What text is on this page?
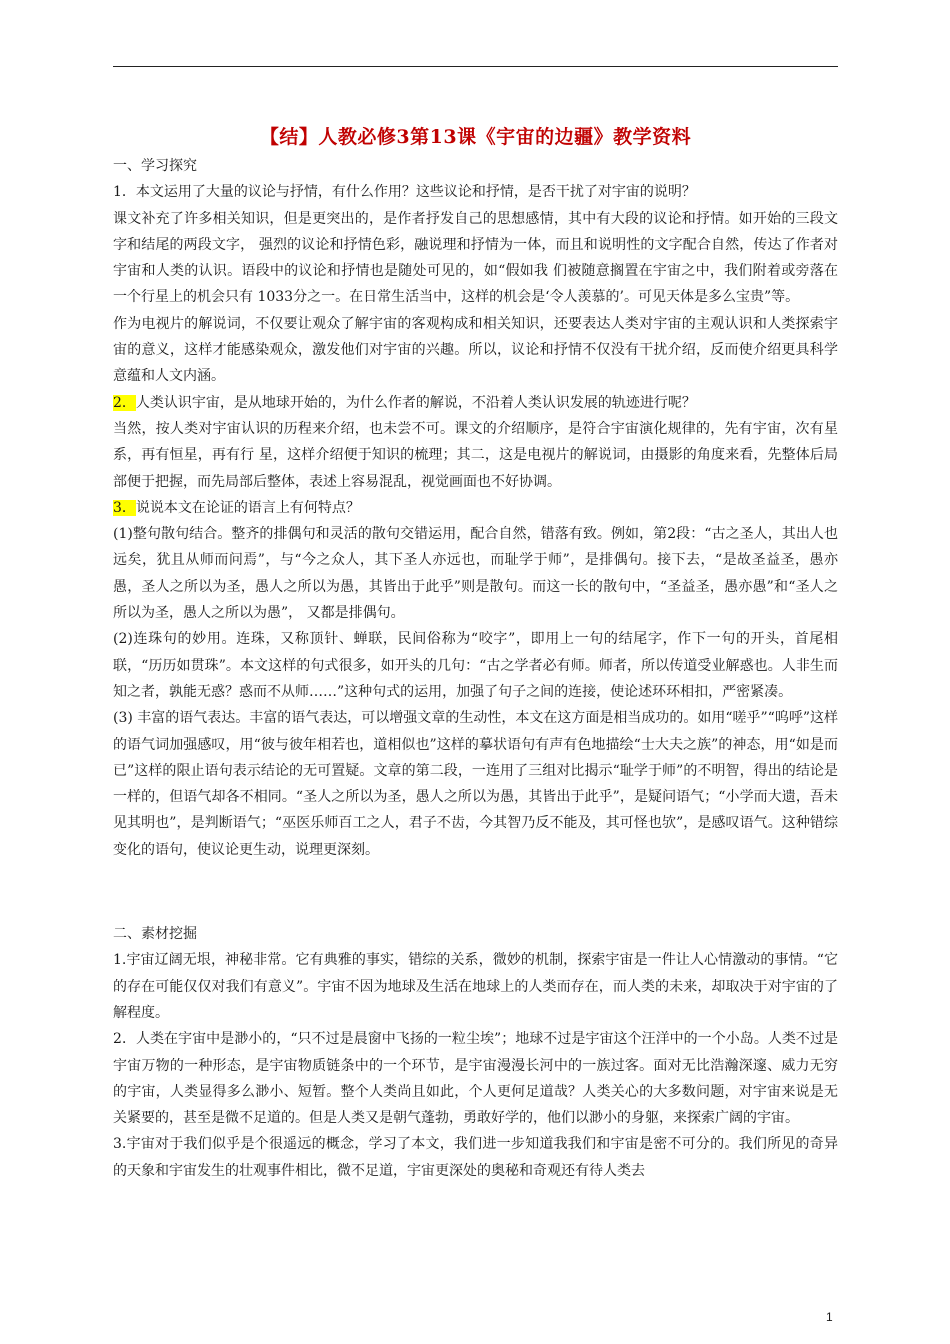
【结】人教必修3第13课《宇宙的边疆》教学资料

一、学习探究

1．本文运用了大量的议论与抒情，有什么作用？这些议论和抒情，是否干扰了对宇宙的说明？

课文补充了许多相关知识，但是更突出的，是作者抒发自己的思想感情，其中有大段的议论和抒情。如开始的三段文字和结尾的两段文字， 强烈的议论和抒情色彩，融说理和抒情为一体，而且和说明性的文字配合自然，传达了作者对宇宙和人类的认识。语段中的议论和抒情也是随处可见的，如“假如我 们被随意搁置在宇宙之中，我们附着或旁落在一个行星上的机会只有 1033分之一。在日常生活当中，这样的机会是‘令人羡慕的’。可见天体是多么宝贵”等。

作为电视片的解说词，不仅要让观众了解宇宙的客观构成和相关知识，还要表达人类对宇宙的主观认识和人类探索宇宙的意义，这样才能感染观众，激发他们对宇宙的兴趣。所以，议论和抒情不仅没有干扰介绍，反而使介绍更具科学意蕴和人文内涵。

2．人类认识宇宙，是从地球开始的，为什么作者的解说，不沿着人类认识发展的轨迹进行呢？

当然，按人类对宇宙认识的历程来介绍，也未尝不可。课文的介绍顺序，是符合宇宙演化规律的，先有宇宙，次有星系，再有恒星，再有行 星，这样介绍便于知识的梳理；其二，这是电视片的解说词，由摄影的角度来看，先整体后局部便于把握，而先局部后整体，表述上容易混乱，视觉画面也不好协调。

3．说说本文在论证的语言上有何特点？

(1)整句散句结合。整齐的排偶句和灵活的散句交错运用，配合自然，错落有致。例如，第2段：“古之圣人，其出人也远矣，犹且从师而问焉”，与“今之众人，其下圣人亦远也，而耻学于师”，是排偶句。接下去，“是故圣益圣，愚亦愚，圣人之所以为圣，愚人之所以为愚，其皆出于此乎”则是散句。而这一长的散句中，“圣益圣，愚亦愚”和“圣人之所以为圣，愚人之所以为愚”， 又都是排偶句。

(2)连珠句的妙用。连珠，又称顶针、蝉联，民间俗称为“咬字”，即用上一句的结尾字，作下一句的开头，首尾相联，“历历如贯珠”。本文这样的句式很多，如开头的几句：“古之学者必有师。师者，所以传道受业解惑也。人非生而知之者，孰能无惑？惑而不从师……”这种句式的运用，加强了句子之间的连接，使论述环环相扣，严密紧凑。

(3) 丰富的语气表达。丰富的语气表达，可以增强文章的生动性，本文在这方面是相当成功的。如用“嗟乎”“呜呼”这样的语气词加强感叹，用“彼与彼年相若也，道相似也”这样的摹状语句有声有色地描绘“士大夫之族”的神态，用“如是而已”这样的限止语句表示结论的无可置疑。文章的第二段，一连用了三组对比揭示“耻学于师”的不明智，得出的结论是一样的，但语气却各不相同。“圣人之所以为圣，愚人之所以为愚，其皆出于此乎”，是疑问语气；“小学而大遗，吾未见其明也”，是判断语气；“巫医乐师百工之人，君子不齿，今其智乃反不能及，其可怪也欤”，是感叹语气。这种错综变化的语句，使议论更生动，说理更深刻。

二、素材挖掘

1.宇宙辽阔无垠，神秘非常。它有典雅的事实，错综的关系，微妙的机制，探索宇宙是一件让人心情激动的事情。“它的存在可能仅仅对我们有意义”。宇宙不因为地球及生活在地球上的人类而存在，而人类的未来，却取决于对宇宙的了解程度。

2．人类在宇宙中是渺小的，“只不过是晨窗中飞扬的一粒尘埃”；地球不过是宇宙这个汪洋中的一个小岛。人类不过是宇宙万物的一种形态，是宇宙物质链条中的一个环节，是宇宙漫漫长河中的一族过客。面对无比浩瀚深邃、威力无穷的宇宙，人类显得多么渺小、短暂。整个人类尚且如此，个人更何足道哉？人类关心的大多数问题，对宇宙来说是无关紧要的，甚至是微不足道的。但是人类又是朝气蓬勃，勇敢好学的，他们以渺小的身躯，来探索广阔的宇宙。

3.宇宙对于我们似乎是个很遥远的概念，学习了本文，我们进一步知道我我们和宇宙是密不可分的。我们所见的奇异的天象和宇宙发生的壮观事件相比，微不足道，宇宙更深处的奥秘和奇观还有待人类去

1
